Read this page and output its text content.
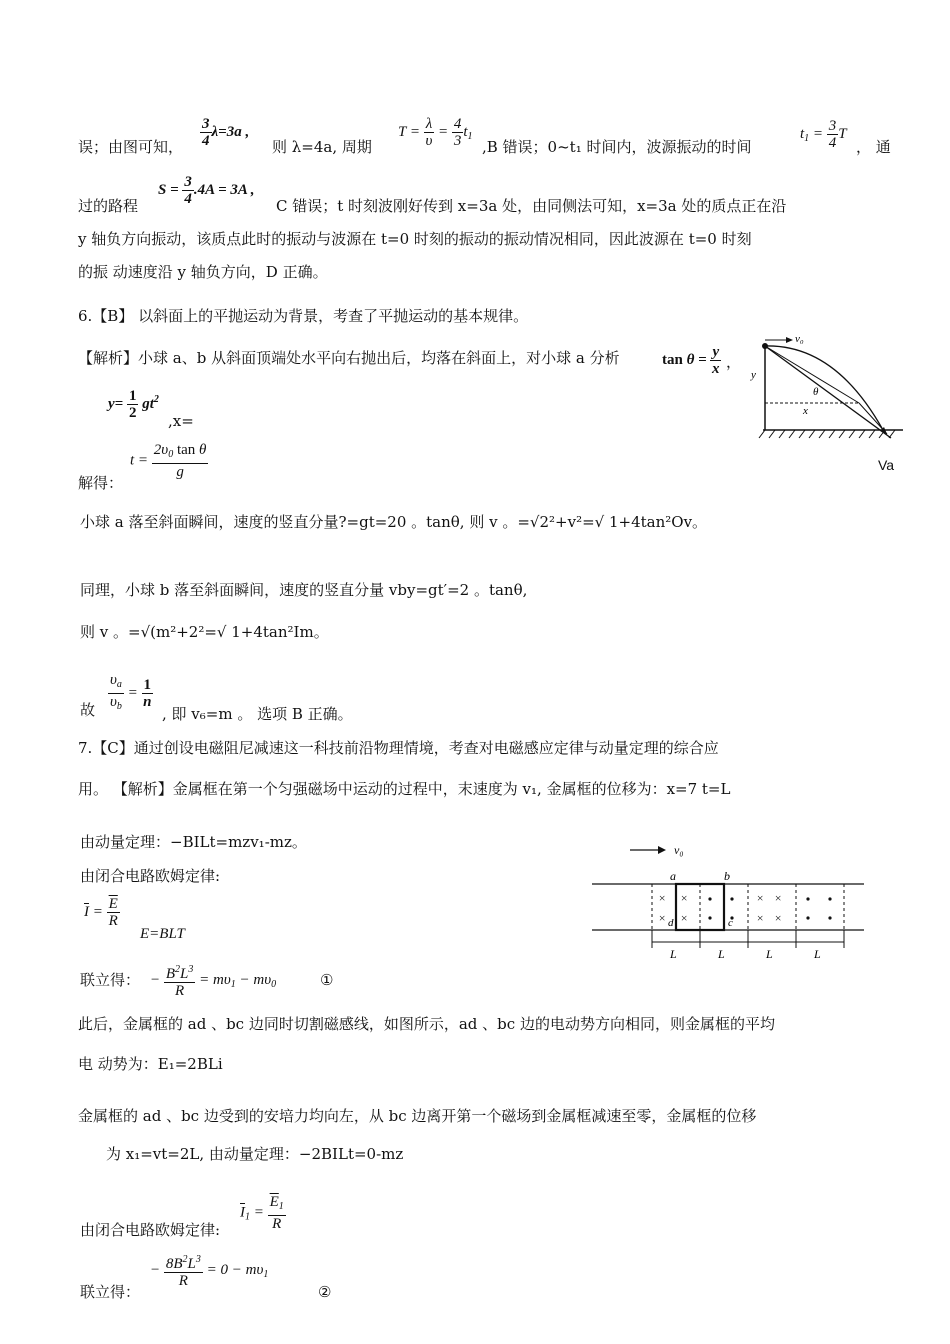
误；由图可知， $\frac{3}{4} \lambda=3a$ ,
则 λ=4a, 周期
$T = \frac{\lambda}{\upsilon} = \frac{4}{3} t_1$
,B 错误；0~t₁ 时间内，波源振动的时间
$t_1 = \frac{3}{4}$ T
， 通
过的路程
$S = \frac{3}{4} .4A = 3A$ ,
C 错误；t 时刻波刚好传到 x=3a 处，由同侧法可知，x=3a 处的质点正在沿
y 轴负方向振动，该质点此时的振动与波源在 t=0 时刻的振动的振动情况相同，因此波源在 t=0 时刻
的振 动速度沿 y 轴负方向，D 正确。
6.【B】 以斜面上的平抛运动为背景，考查了平抛运动的基本规律。
【解析】小球 a、b 从斜面顶端处水平向右抛出后，均落在斜面上，对小球 a 分析	$\tan \theta = \frac{y}{x}$ ，
$y= \frac{1}{2} gt^2$
,x=
$t = \frac{2\upsilon_0 \tan \theta}{g}$
解得：
v₀
y
x
θ
Va
小球 a 落至斜面瞬间，速度的竖直分量?=gt=20 。tanθ, 则 v 。=√2²+v²=√ 1+4tan²Ov。
同理，小球 b 落至斜面瞬间，速度的竖直分量 vby=gt′=2 。tanθ,
则 v 。=√(m²+2²=√ 1+4tan²Im。
故 $\frac{\upsilon_a}{\upsilon_b} = \frac{1}{n}$
, 即 v₆=m 。 选项 B 正确。
7.【C】通过创设电磁阻尼减速这一科技前沿物理情境，考查对电磁感应定律与动量定理的综合应
用。 【解析】金属框在第一个匀强磁场中运动的过程中，末速度为 v₁, 金属框的位移为：x=7 t=L
由动量定理：−BILt=mzv₁-mz。
由闭合电路欧姆定律:
$\overline{I} = \frac{\overline{E}}{R}$
E=BLT
v₀
× ×
× ×
× ×
× ×
a	b
c
d
L	L	L	L
联立得： − $\frac{B^2L^3}{R} = m\upsilon_1 - m\upsilon_0$	①
此后，金属框的 ad 、bc 边同时切割磁感线，如图所示，ad 、bc 边的电动势方向相同，则金属框的平均
电 动势为：E₁=2BLi
金属框的 ad 、bc 边受到的安培力均向左，从 bc 边离开第一个磁场到金属框减速至零，金属框的位移
为 x₁=vt=2L, 由动量定理：−2BILt=0-mz
由闭合电路欧姆定律:
$\overline{I}_1 = \frac{\overline{E}_1}{R}$
联立得：
− $\frac{8B^2L^3}{R} = 0 - m\upsilon_1$
②
